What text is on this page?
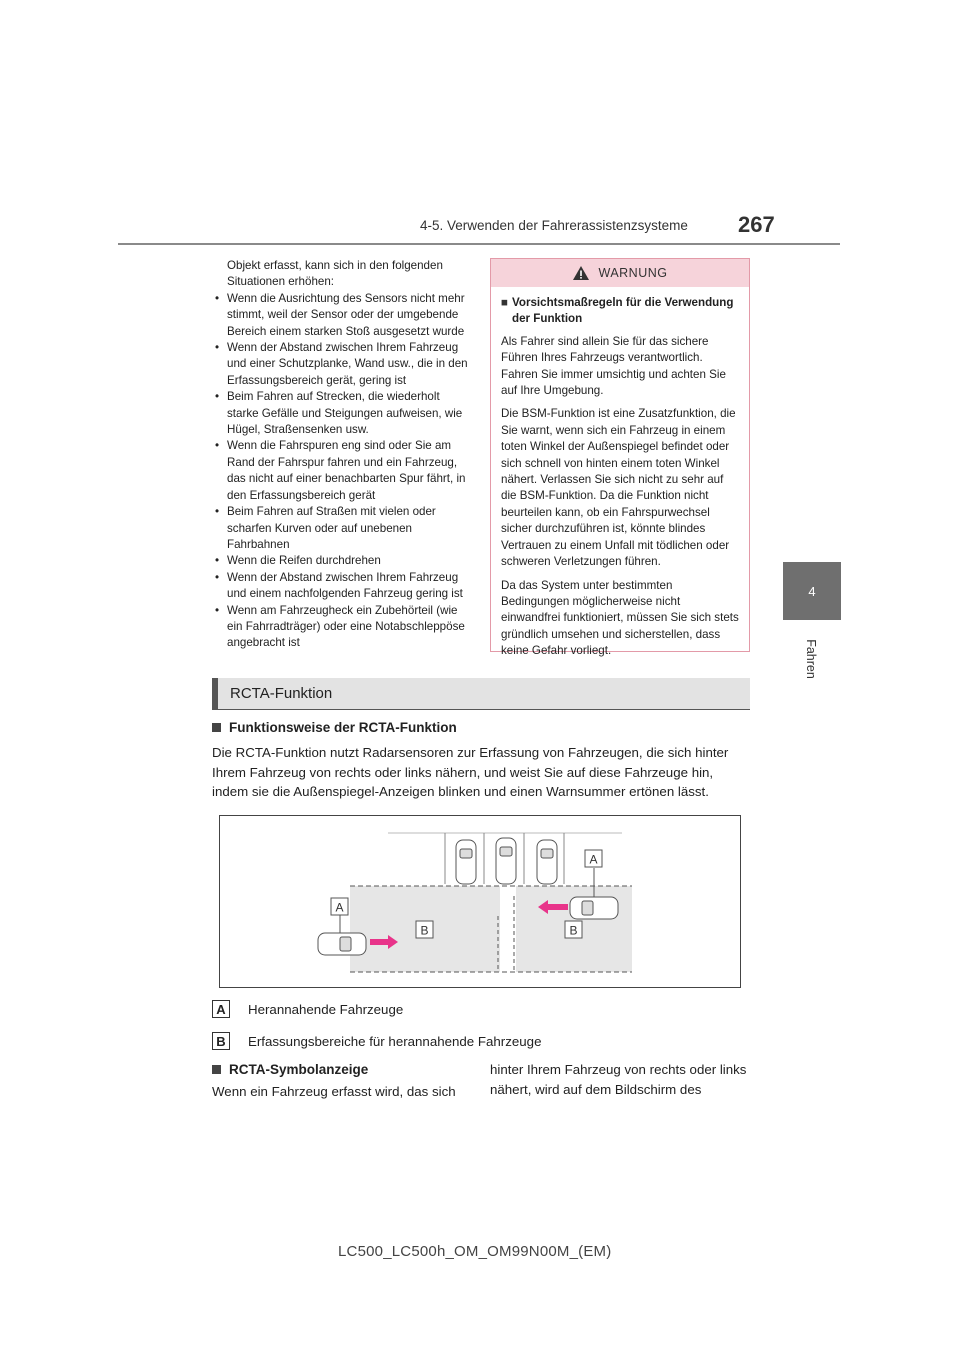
4-5. Verwenden der Fahrerassistenzsysteme 267
4
Fahren

Objekt erfasst, kann sich in den folgenden Situationen erhöhen:

• Wenn die Ausrichtung des Sensors nicht mehr stimmt, weil der Sensor oder der umgebende Bereich einem starken Stoß ausgesetzt wurde
• Wenn der Abstand zwischen Ihrem Fahrzeug und einer Schutzplanke, Wand usw., die in den Erfassungsbereich gerät, gering ist
• Beim Fahren auf Strecken, die wiederholt starke Gefälle und Steigungen aufweisen, wie Hügel, Straßensenken usw.
• Wenn die Fahrspuren eng sind oder Sie am Rand der Fahrspur fahren und ein Fahrzeug, das nicht auf einer benachbarten Spur fährt, in den Erfassungsbereich gerät
• Beim Fahren auf Straßen mit vielen oder scharfen Kurven oder auf unebenen Fahrbahnen
• Wenn die Reifen durchdrehen
• Wenn der Abstand zwischen Ihrem Fahrzeug und einem nachfolgenden Fahrzeug gering ist
• Wenn am Fahrzeugheck ein Zubehörteil (wie ein Fahrradträger) oder eine Notabschleppöse angebracht ist
WARNUNG
■ Vorsichtsmaßregeln für die Verwendung der Funktion

Als Fahrer sind allein Sie für das sichere Führen Ihres Fahrzeugs verantwortlich. Fahren Sie immer umsichtig und achten Sie auf Ihre Umgebung.

Die BSM-Funktion ist eine Zusatzfunktion, die Sie warnt, wenn sich ein Fahrzeug in einem toten Winkel der Außenspiegel befindet oder sich schnell von hinten einem toten Winkel nähert. Verlassen Sie sich nicht zu sehr auf die BSM-Funktion. Da die Funktion nicht beurteilen kann, ob ein Fahrspurwechsel sicher durchzuführen ist, könnte blindes Vertrauen zu einem Unfall mit tödlichen oder schweren Verletzungen führen.

Da das System unter bestimmten Bedingungen möglicherweise nicht einwandfrei funktioniert, müssen Sie sich stets gründlich umsehen und sicherstellen, dass keine Gefahr vorliegt.

RCTA-Funktion
Funktionsweise der RCTA-Funktion
Die RCTA-Funktion nutzt Radarsensoren zur Erfassung von Fahrzeugen, die sich hinter Ihrem Fahrzeug von rechts oder links nähern, und weist Sie auf diese Fahrzeuge hin, indem sie die Außenspiegel-Anzeigen blinken und einen Warnsummer ertönen lässt.
A
A
B	B
A	Herannahende Fahrzeuge
B	Erfassungsbereiche für herannahende Fahrzeuge
RCTA-Symbolanzeige
Wenn ein Fahrzeug erfasst wird, das sich
hinter Ihrem Fahrzeug von rechts oder links nähert, wird auf dem Bildschirm des
LC500_LC500h_OM_OM99N00M_(EM)
